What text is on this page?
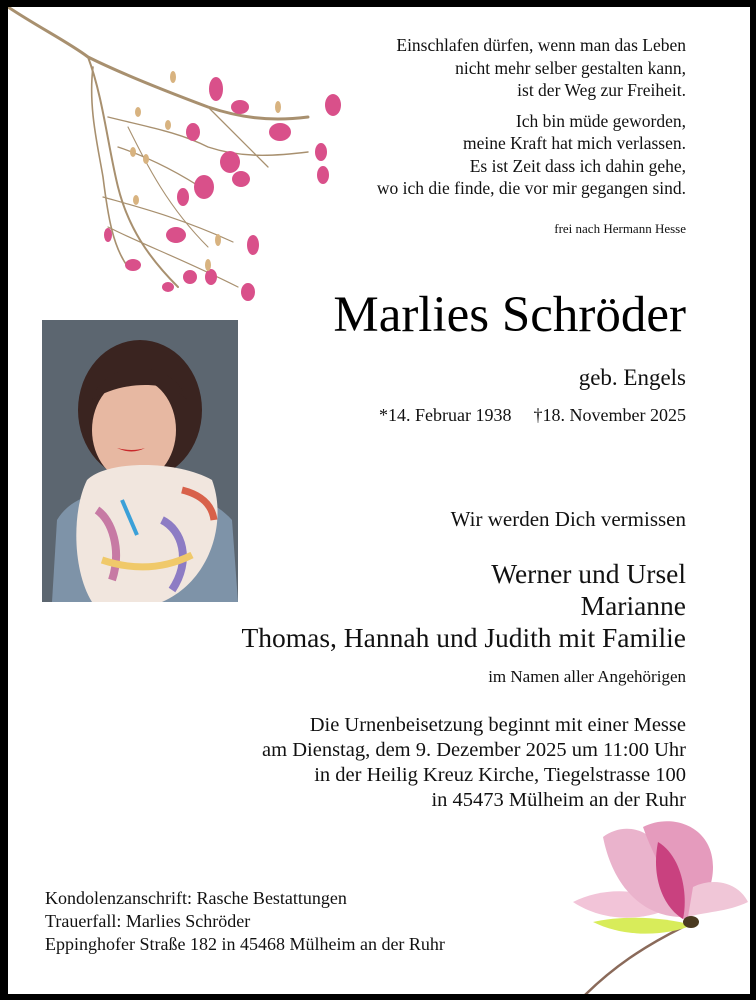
Einschlafen dürfen, wenn man das Leben
nicht mehr selber gestalten kann,
ist der Weg zur Freiheit.
Ich bin müde geworden,
meine Kraft hat mich verlassen.
Es ist Zeit dass ich dahin gehe,
wo ich die finde, die vor mir gegangen sind.
frei nach Hermann Hesse
Marlies Schröder
geb. Engels
*14. Februar 1938 †18. November 2025
Wir werden Dich vermissen
Werner und Ursel
Marianne
Thomas, Hannah und Judith mit Familie
im Namen aller Angehörigen
Die Urnenbeisetzung beginnt mit einer Messe
am Dienstag, dem 9. Dezember 2025 um 11:00 Uhr
in der Heilig Kreuz Kirche, Tiegelstrasse 100
in 45473 Mülheim an der Ruhr
Kondolenzanschrift: Rasche Bestattungen
Trauerfall: Marlies Schröder
Eppinghofer Straße 182 in 45468 Mülheim an der Ruhr
